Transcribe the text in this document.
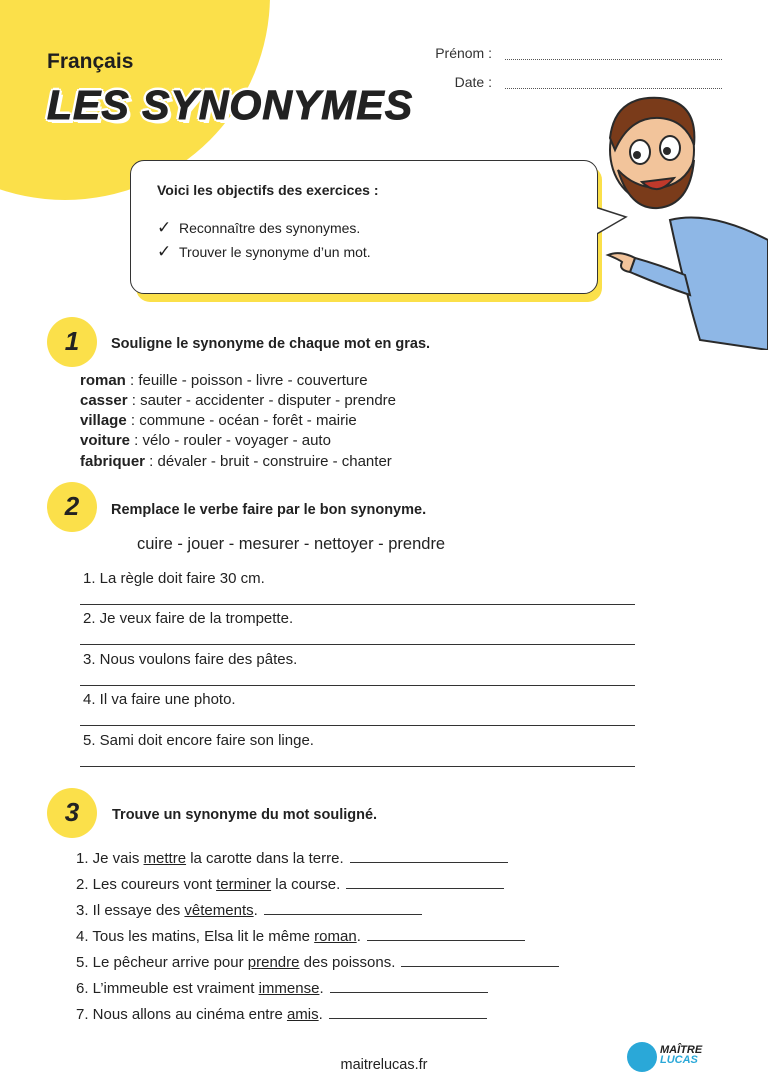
Français
LES SYNONYMES
Prénom :
Date :
Voici les objectifs des exercices :
✓ Reconnaître des synonymes.
✓ Trouver le synonyme d’un mot.
1	Souligne le synonyme de chaque mot en gras.
roman : feuille - poisson - livre - couverture
casser : sauter - accidenter - disputer - prendre
village : commune - océan - forêt - mairie
voiture : vélo - rouler - voyager - auto
fabriquer : dévaler - bruit - construire - chanter
2	Remplace le verbe faire par le bon synonyme.
cuire - jouer - mesurer - nettoyer - prendre
1. La règle doit faire 30 cm.
2. Je veux faire de la trompette.
3. Nous voulons faire des pâtes.
4. Il va faire une photo.
5. Sami doit encore faire son linge.
3	Trouve un synonyme du mot souligné.
1. Je vais mettre la carotte dans la terre.
2. Les coureurs vont terminer la course.
3. Il essaye des vêtements.
4. Tous les matins, Elsa lit le même roman.
5. Le pêcheur arrive pour prendre des poissons.
6. L’immeuble est vraiment immense.
7. Nous allons au cinéma entre amis.
maitrelucas.fr
MAÎTRE
LUCAS
